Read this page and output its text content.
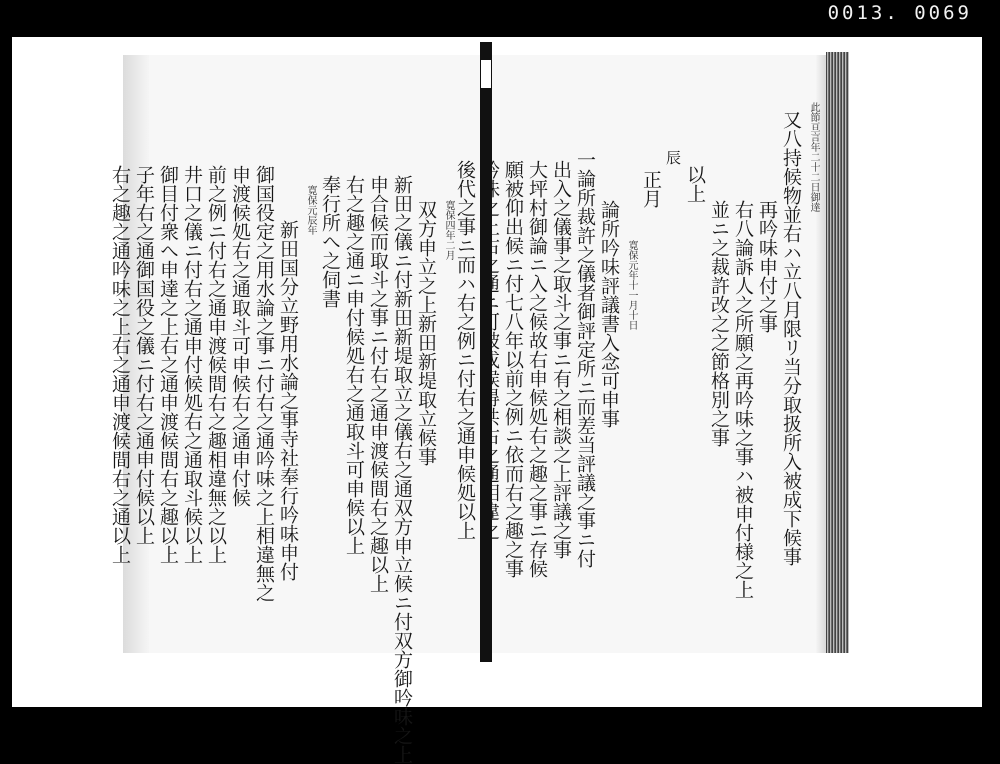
0013. 0069
寛保四年二月
双方申立之上新田新堤取立候事
新田之儀ニ付新田新堤取立之儀右之通双方申立候ニ付双方御吟味之上
申合候而取斗之事ニ付右之通申渡候間右之趣以上
右之趣之通ニ申付候処右之通取斗可申候以上
奉行所へ之伺書
寛保元辰年
新田国分立野用水論之事寺社奉行吟味申付
御国役定之用水論之事ニ付右之通吟味之上相違無之
申渡候処右之通取斗可申候右之通申付候
前之例ニ付右之通申渡候間右之趣相違無之以上
井口之儀ニ付右之通申付候処右之通取斗候以上
御目付衆へ申達之上右之通申渡候間右之趣以上
子年右之通御国役之儀ニ付右之通申付候以上
右之趣之通吟味之上右之通申渡候間右之通以上
此節亘言年二十二日御達
又八持候物並右ハ立八月限リ当分取扱所入被成下候事
再吟味申付之事
右八論訴人之所願之再吟味之事ハ被申付様之上
並ニ之裁許改之之節格別之事
以上
辰
正月
寛保元年十一月十日
論所吟味評議書入念可申事
一論所裁許之儀者御評定所ニ而差当評議之事ニ付
出入之儀事之取斗之事ニ有之相談之上評議之事
大坪村御論ニ入之候故右申候処右之趣之事ニ存候
願被仰出候ニ付七八年以前之例ニ依而右之趣之事
後代之事ニ而ハ右之例ニ付右之通申候処以上
